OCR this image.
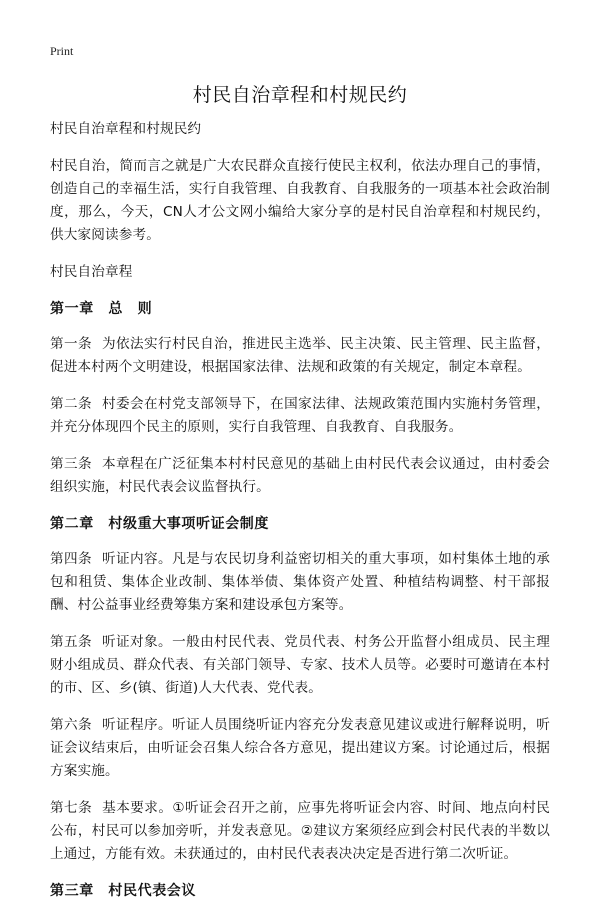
Print
村民自治章程和村规民约

村民自治章程和村规民约

村民自治，简而言之就是广大农民群众直接行使民主权利，依法办理自己的事情，创造自己的幸福生活，实行自我管理、自我教育、自我服务的一项基本社会政治制度，那么，今天，CN人才公文网小编给大家分享的是村民自治章程和村规民约，供大家阅读参考。

村民自治章程

第一章　总　则

第一条 为依法实行村民自治，推进民主选举、民主决策、民主管理、民主监督，促进本村两个文明建设，根据国家法律、法规和政策的有关规定，制定本章程。

第二条 村委会在村党支部领导下，在国家法律、法规政策范围内实施村务管理，并充分体现四个民主的原则，实行自我管理、自我教育、自我服务。

第三条 本章程在广泛征集本村村民意见的基础上由村民代表会议通过，由村委会组织实施，村民代表会议监督执行。

第二章　村级重大事项听证会制度

第四条 听证内容。凡是与农民切身利益密切相关的重大事项，如村集体土地的承包和租赁、集体企业改制、集体举债、集体资产处置、种植结构调整、村干部报酬、村公益事业经费筹集方案和建设承包方案等。

第五条 听证对象。一般由村民代表、党员代表、村务公开监督小组成员、民主理财小组成员、群众代表、有关部门领导、专家、技术人员等。必要时可邀请在本村的市、区、乡(镇、街道)人大代表、党代表。

第六条 听证程序。听证人员围绕听证内容充分发表意见建议或进行解释说明，听证会议结束后，由听证会召集人综合各方意见，提出建议方案。讨论通过后，根据方案实施。

第七条 基本要求。①听证会召开之前，应事先将听证会内容、时间、地点向村民公布，村民可以参加旁听，并发表意见。②建议方案须经应到会村民代表的半数以上通过，方能有效。未获通过的，由村民代表表决决定是否进行第二次听证。

第三章　村民代表会议
